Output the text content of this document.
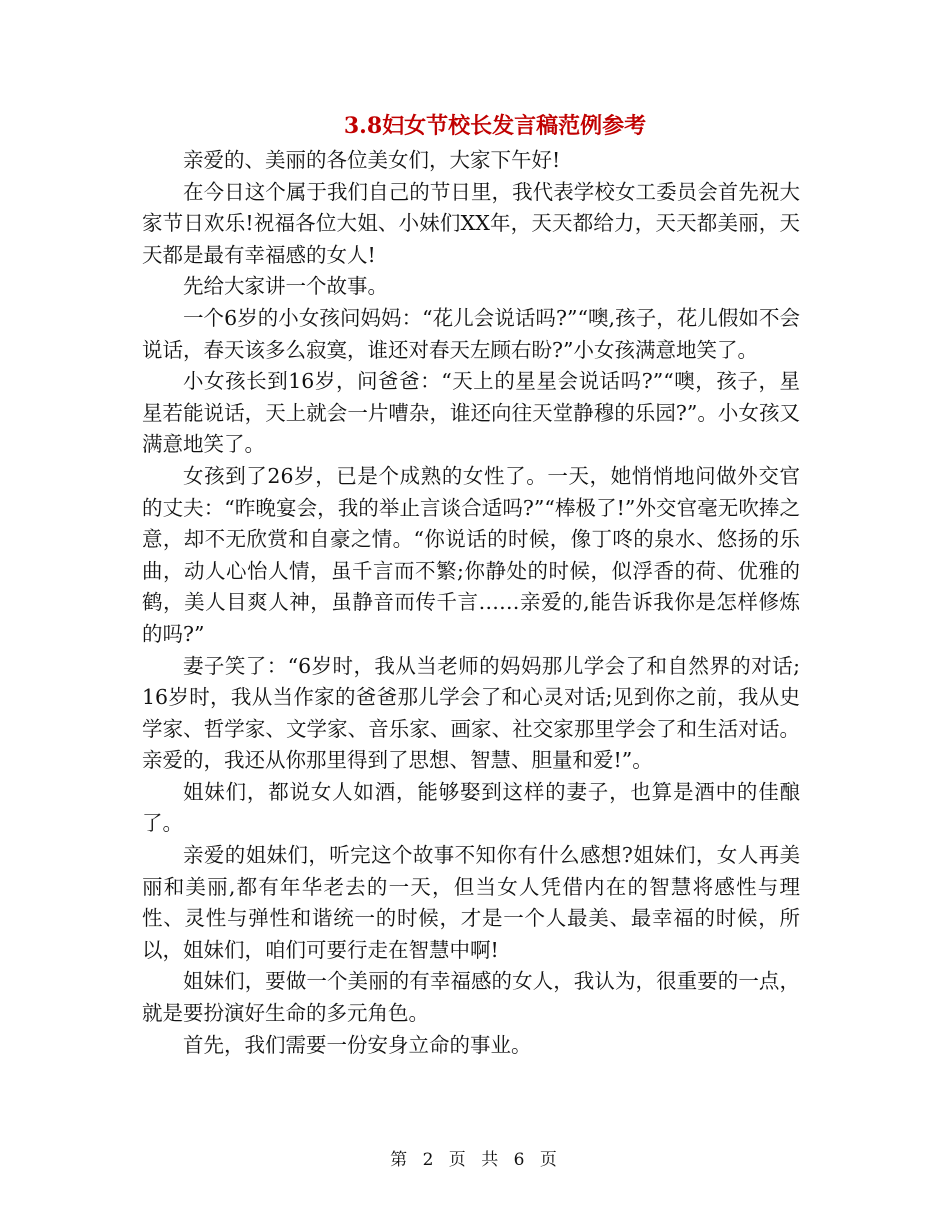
3.8妇女节校长发言稿范例参考

亲爱的、美丽的各位美女们，大家下午好!

在今日这个属于我们自己的节日里，我代表学校女工委员会首先祝大家节日欢乐!祝福各位大姐、小妹们XX年，天天都给力，天天都美丽，天天都是最有幸福感的女人!

先给大家讲一个故事。

一个6岁的小女孩问妈妈：“花儿会说话吗?”“噢,孩子，花儿假如不会说话，春天该多么寂寞，谁还对春天左顾右盼?”小女孩满意地笑了。

小女孩长到16岁，问爸爸：“天上的星星会说话吗?”“噢，孩子，星星若能说话，天上就会一片嘈杂，谁还向往天堂静穆的乐园?”。小女孩又满意地笑了。

女孩到了26岁，已是个成熟的女性了。一天，她悄悄地问做外交官的丈夫：“昨晚宴会，我的举止言谈合适吗?”“棒极了!”外交官毫无吹捧之意，却不无欣赏和自豪之情。“你说话的时候，像丁咚的泉水、悠扬的乐曲，动人心怡人情，虽千言而不繁;你静处的时候，似浮香的荷、优雅的鹤，美人目爽人神，虽静音而传千言……亲爱的,能告诉我你是怎样修炼的吗?”

妻子笑了：“6岁时，我从当老师的妈妈那儿学会了和自然界的对话;16岁时，我从当作家的爸爸那儿学会了和心灵对话;见到你之前，我从史学家、哲学家、文学家、音乐家、画家、社交家那里学会了和生活对话。亲爱的，我还从你那里得到了思想、智慧、胆量和爱!”。

姐妹们，都说女人如酒，能够娶到这样的妻子，也算是酒中的佳酿了。

亲爱的姐妹们，听完这个故事不知你有什么感想?姐妹们，女人再美丽和美丽,都有年华老去的一天，但当女人凭借内在的智慧将感性与理性、灵性与弹性和谐统一的时候，才是一个人最美、最幸福的时候，所以，姐妹们，咱们可要行走在智慧中啊!

姐妹们，要做一个美丽的有幸福感的女人，我认为，很重要的一点，就是要扮演好生命的多元角色。

首先，我们需要一份安身立命的事业。

第 2 页 共 6 页
